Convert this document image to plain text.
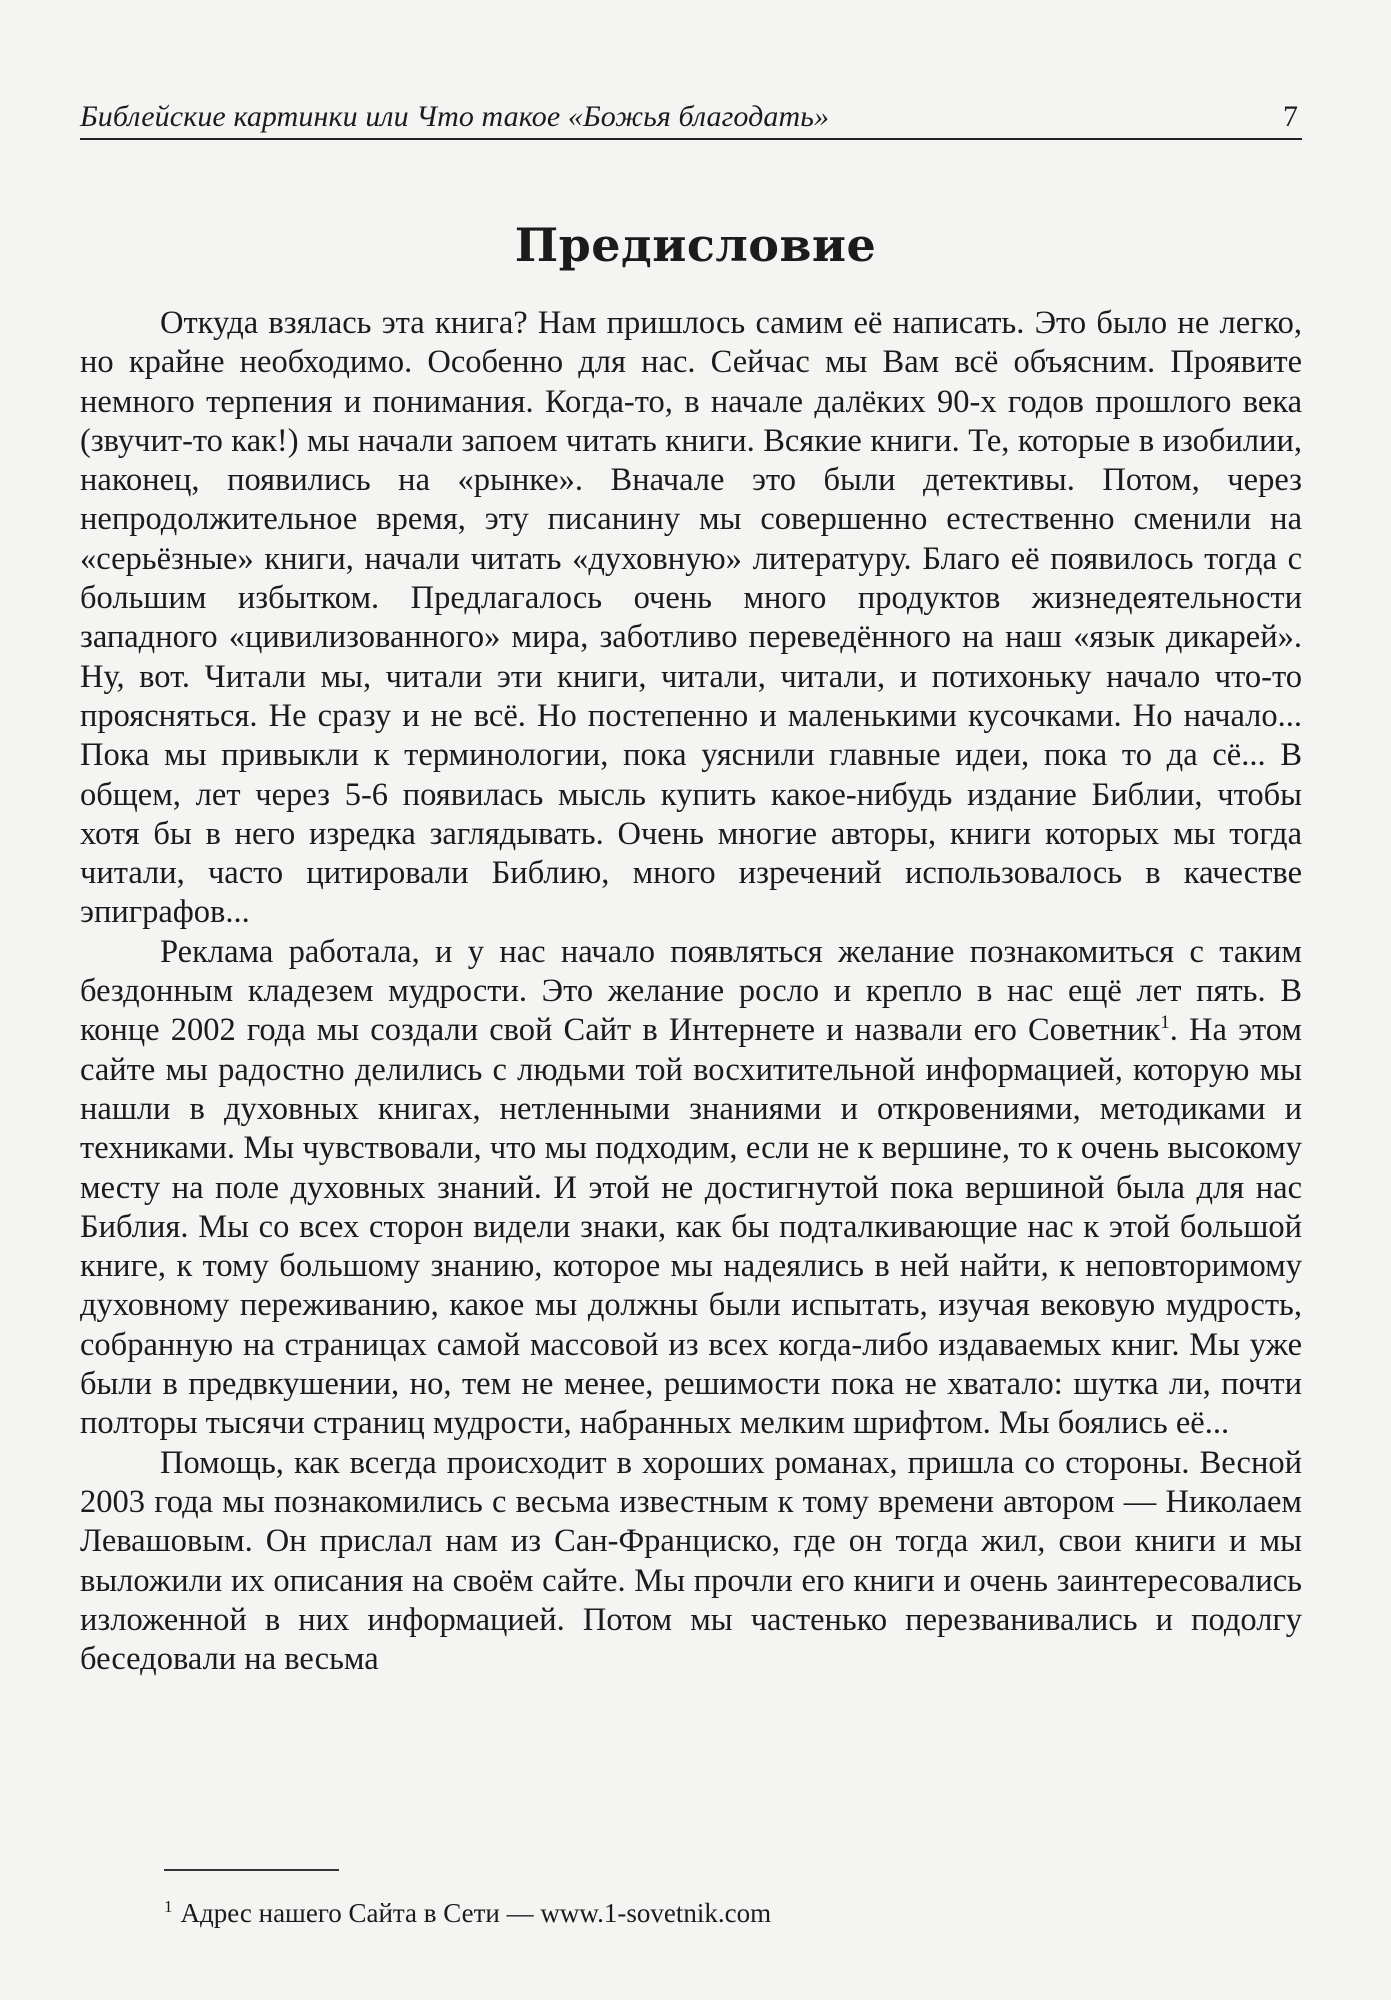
Библейские картинки или Что такое «Божья благодать»	7
Предисловие

Откуда взялась эта книга? Нам пришлось самим её написать. Это было не легко, но крайне необходимо. Особенно для нас. Сейчас мы Вам всё объясним. Проявите немного терпения и понимания. Когда-то, в начале далёких 90-х годов прошлого века (звучит-то как!) мы начали запоем читать книги. Всякие книги. Те, которые в изобилии, наконец, появились на «рынке». Вначале это были детективы. Потом, через непродолжительное время, эту писанину мы совершенно естественно сменили на «серьёзные» книги, начали читать «духовную» литературу. Благо её появилось тогда с большим избытком. Предлагалось очень много продуктов жизнедеятельности западного «цивилизованного» мира, заботливо переведённого на наш «язык дикарей». Ну, вот. Читали мы, читали эти книги, читали, читали, и потихоньку начало что-то проясняться. Не сразу и не всё. Но постепенно и маленькими кусочками. Но начало... Пока мы привыкли к терминологии, пока уяснили главные идеи, пока то да сё... В общем, лет через 5-6 появилась мысль купить какое-нибудь издание Библии, чтобы хотя бы в него изредка заглядывать. Очень многие авторы, книги которых мы тогда читали, часто цитировали Библию, много изречений использовалось в качестве эпиграфов...

Реклама работала, и у нас начало появляться желание познакомиться с таким бездонным кладезем мудрости. Это желание росло и крепло в нас ещё лет пять. В конце 2002 года мы создали свой Сайт в Интернете и назвали его Советник$^1$. На этом сайте мы радостно делились с людьми той восхитительной информацией, которую мы нашли в духовных книгах, нетленными знаниями и откровениями, методиками и техниками. Мы чувствовали, что мы подходим, если не к вершине, то к очень высокому месту на поле духовных знаний. И этой не достигнутой пока вершиной была для нас Библия. Мы со всех сторон видели знаки, как бы подталкивающие нас к этой большой книге, к тому большому знанию, которое мы надеялись в ней найти, к неповторимому духовному переживанию, какое мы должны были испытать, изучая вековую мудрость, собранную на страницах самой массовой из всех когда-либо издаваемых книг. Мы уже были в предвкушении, но, тем не менее, решимости пока не хватало: шутка ли, почти полторы тысячи страниц мудрости, набранных мелким шрифтом. Мы боялись её...

Помощь, как всегда происходит в хороших романах, пришла со стороны. Весной 2003 года мы познакомились с весьма известным к тому времени автором — Николаем Левашовым. Он прислал нам из Сан-Франциско, где он тогда жил, свои книги и мы выложили их описания на своём сайте. Мы прочли его книги и очень заинтересовались изложенной в них информацией. Потом мы частенько перезванивались и подолгу беседовали на весьма

$^1$ Адрес нашего Сайта в Сети — www.1-sovetnik.com
